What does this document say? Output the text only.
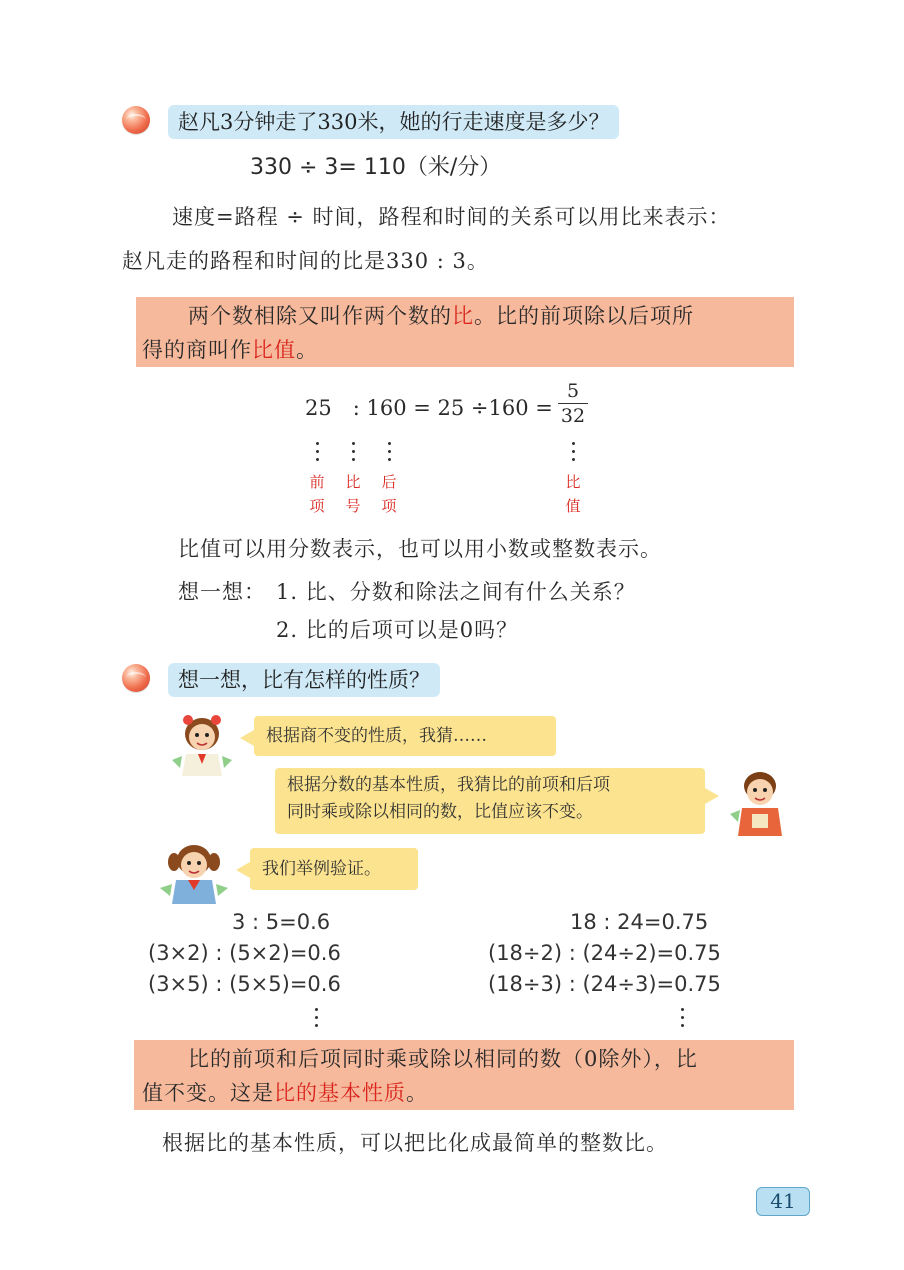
赵凡3分钟走了330米，她的行走速度是多少？
330 ÷ 3= 110（米/分）
速度=路程 ÷ 时间，路程和时间的关系可以用比来表示：
赵凡走的路程和时间的比是330 : 3。
两个数相除又叫作两个数的比。比的前项除以后项所
得的商叫作比值。
25　: 160 = 25 ÷160 =
5
32
前项
比号
后项
比值
比值可以用分数表示，也可以用小数或整数表示。
想一想： 1. 比、分数和除法之间有什么关系？
2. 比的后项可以是0吗？
想一想，比有怎样的性质？
根据商不变的性质，我猜……
根据分数的基本性质，我猜比的前项和后项
同时乘或除以相同的数，比值应该不变。
我们举例验证。
3 : 5=0.6
(3×2) : (5×2)=0.6
(3×5) : (5×5)=0.6
18 : 24=0.75
(18÷2) : (24÷2)=0.75
(18÷3) : (24÷3)=0.75
比的前项和后项同时乘或除以相同的数（0除外），比
值不变。这是比的基本性质。
根据比的基本性质，可以把比化成最简单的整数比。
41
